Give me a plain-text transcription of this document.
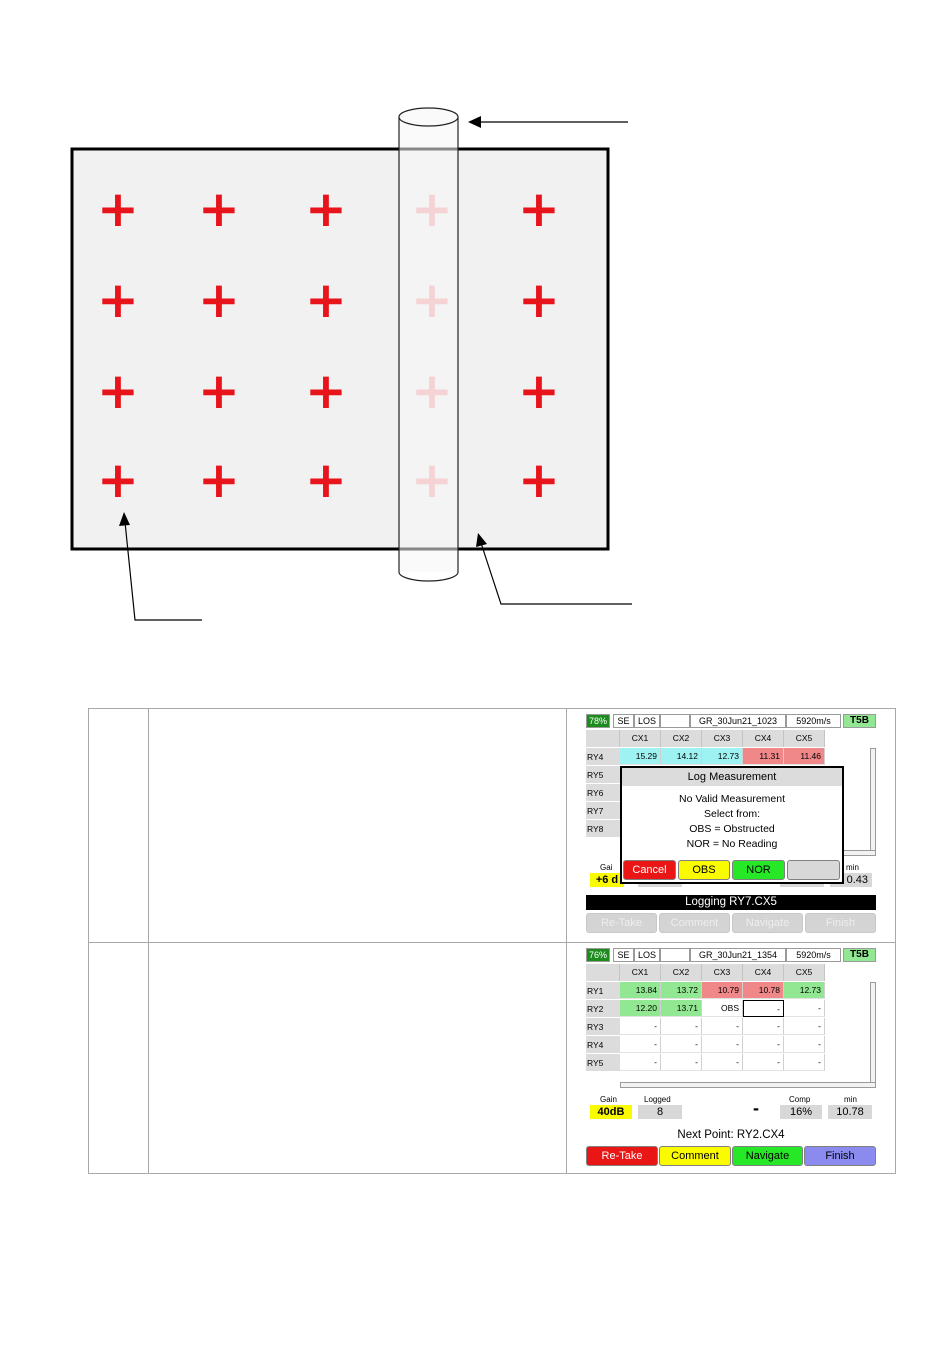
+ + +	+
+ + +	+
+ + +	+
+ + +	+
78%	SE LOS	GR_30Jun21_1023	5920m/s	T5B
CX1	CX2	CX3	CX4	CX5
RY4	15.29	14.12	12.73	11.31	11.46
RY5
RY6
RY7
RY8
Gai
+6 d
min
0.43
Log Measurement
No Valid Measurement
Select from:
OBS = Obstructed
NOR = No Reading
Cancel	OBS	NOR
Logging RY7.CX5
Re-Take	Comment	Navigate	Finish
76%	SE LOS	GR_30Jun21_1354	5920m/s	T5B
CX1	CX2	CX3	CX4	CX5
RY1	13.84	13.72	10.79	10.78	12.73
RY2	12.20	13.71	OBS	-	-
RY3	-	-	-	-	-
RY4	-	-	-	-	-
RY5	-	-	-	-	-
Gain
40dB
Logged
8	-	Comp
16%
min
10.78
Next Point: RY2.CX4
Re-Take	Comment	Navigate	Finish
